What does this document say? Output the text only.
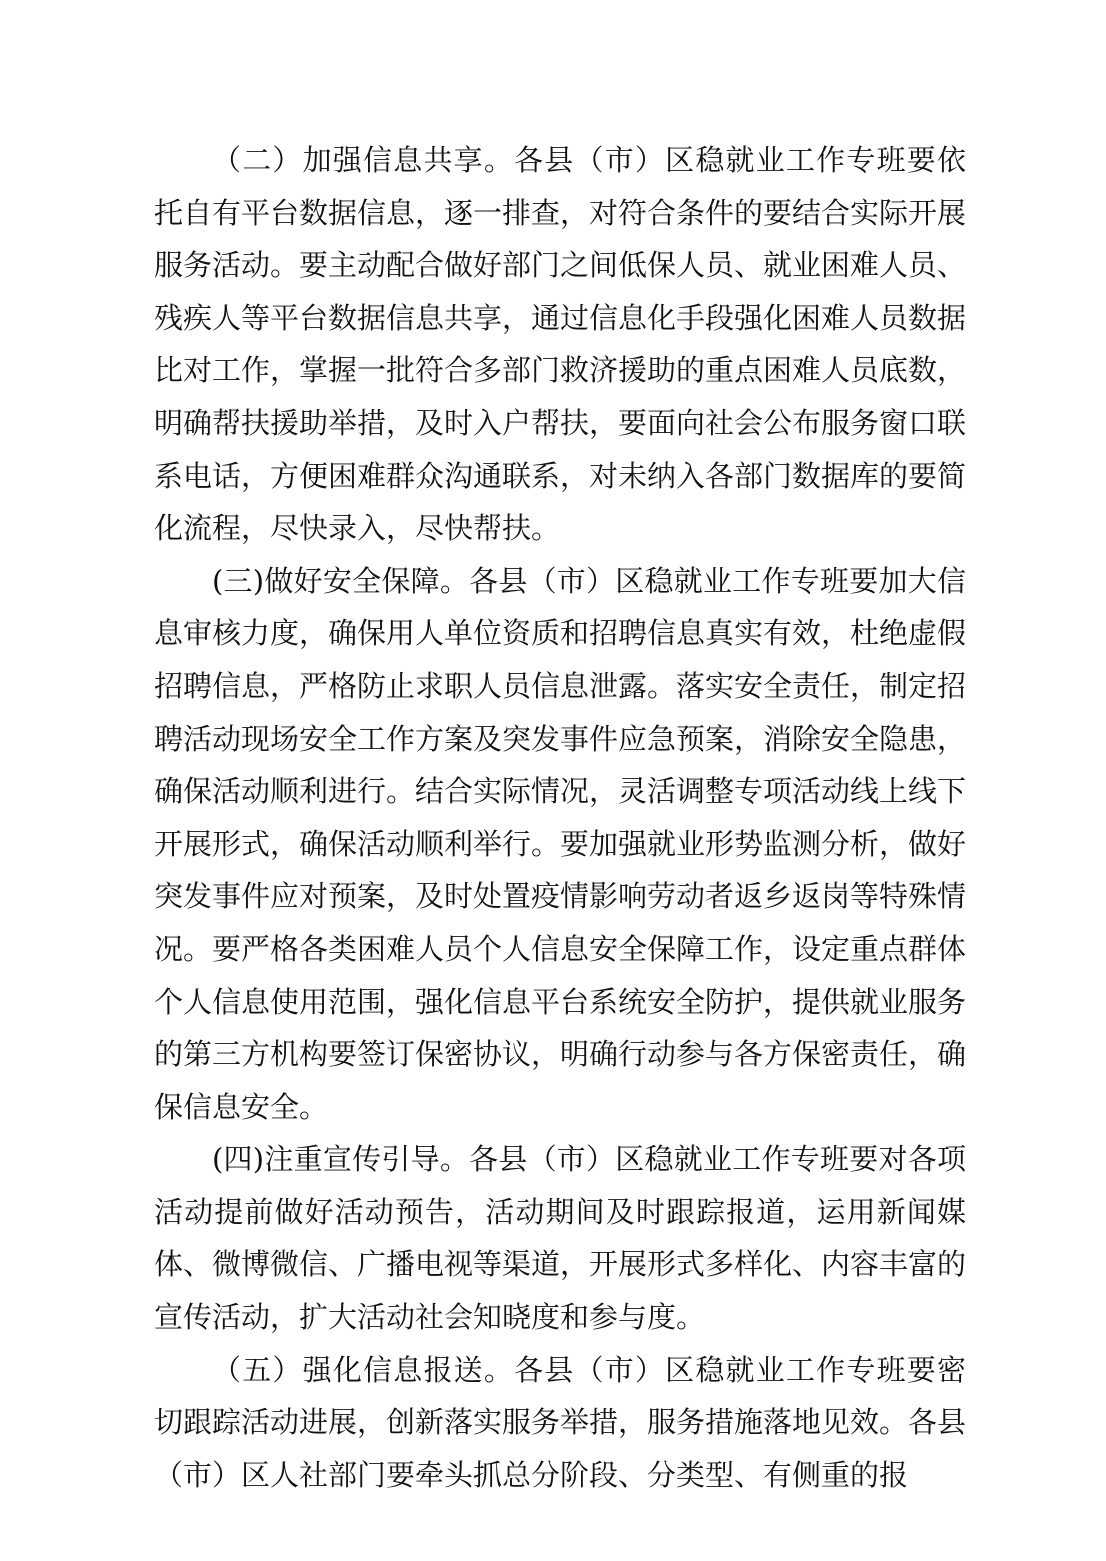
（二）加强信息共享。各县（市）区稳就业工作专班要依托自有平台数据信息，逐一排查，对符合条件的要结合实际开展服务活动。要主动配合做好部门之间低保人员、就业困难人员、残疾人等平台数据信息共享，通过信息化手段强化困难人员数据比对工作，掌握一批符合多部门救济援助的重点困难人员底数，明确帮扶援助举措，及时入户帮扶，要面向社会公布服务窗口联系电话，方便困难群众沟通联系，对未纳入各部门数据库的要简化流程，尽快录入，尽快帮扶。

(三)做好安全保障。各县（市）区稳就业工作专班要加大信息审核力度，确保用人单位资质和招聘信息真实有效，杜绝虚假招聘信息，严格防止求职人员信息泄露。落实安全责任，制定招聘活动现场安全工作方案及突发事件应急预案，消除安全隐患，确保活动顺利进行。结合实际情况，灵活调整专项活动线上线下开展形式，确保活动顺利举行。要加强就业形势监测分析，做好突发事件应对预案，及时处置疫情影响劳动者返乡返岗等特殊情况。要严格各类困难人员个人信息安全保障工作，设定重点群体个人信息使用范围，强化信息平台系统安全防护，提供就业服务的第三方机构要签订保密协议，明确行动参与各方保密责任，确保信息安全。

(四)注重宣传引导。各县（市）区稳就业工作专班要对各项活动提前做好活动预告，活动期间及时跟踪报道，运用新闻媒体、微博微信、广播电视等渠道，开展形式多样化、内容丰富的宣传活动，扩大活动社会知晓度和参与度。

（五）强化信息报送。各县（市）区稳就业工作专班要密切跟踪活动进展，创新落实服务举措，服务措施落地见效。各县（市）区人社部门要牵头抓总分阶段、分类型、有侧重的报
